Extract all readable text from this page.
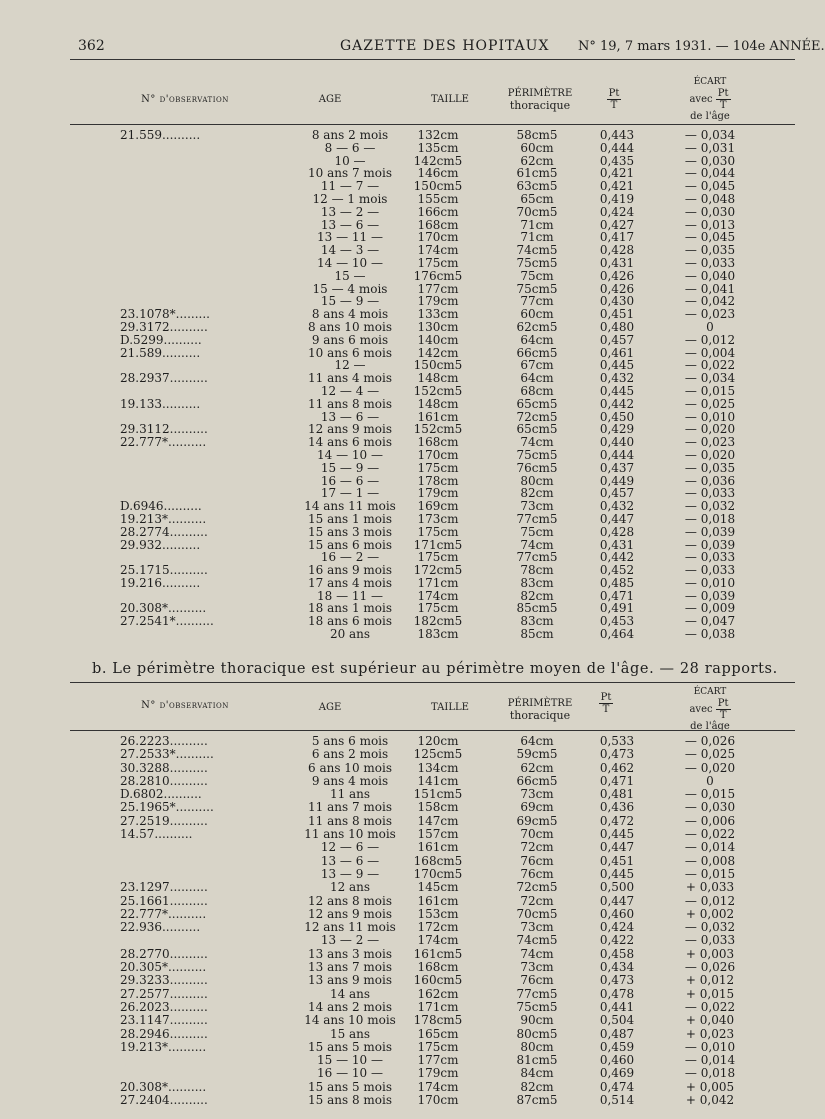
362	GAZETTE DES HOPITAUX N° 19, 7 mars 1931. — 104e ANNÉE.
N° d'observation	AGE	TAILLE
PÉRIMÈTRE
thoracique	$\frac{Pt}{T}$
ÉCART
avec $\frac{Pt}{T}$
de l'âge
21.559..........	8 ans 2 mois	132cm	58cm5	0,443	— 0,034
8 — 6 —	135cm	60cm	0,444	— 0,031
10 —	142cm5	62cm	0,435	— 0,030
10 ans 7 mois	146cm	61cm5	0,421	— 0,044
11 — 7 —	150cm5	63cm5	0,421	— 0,045
12 — 1 mois	155cm	65cm	0,419	— 0,048
13 — 2 —	166cm	70cm5	0,424	— 0,030
13 — 6 —	168cm	71cm	0,427	— 0,013
13 — 11 —	170cm	71cm	0,417	— 0,045
14 — 3 —	174cm	74cm5	0,428	— 0,035
14 — 10 —	175cm	75cm5	0,431	— 0,033
15 —	176cm5	75cm	0,426	— 0,040
15 — 4 mois	177cm	75cm5	0,426	— 0,041
15 — 9 —	179cm	77cm	0,430	— 0,042
23.1078*.........	8 ans 4 mois	133cm	60cm	0,451	— 0,023
29.3172..........	8 ans 10 mois	130cm	62cm5	0,480	0
D.5299..........	9 ans 6 mois	140cm	64cm	0,457	— 0,012
21.589..........	10 ans 6 mois	142cm	66cm5	0,461	— 0,004
12 —	150cm5	67cm	0,445	— 0,022
28.2937..........	11 ans 4 mois	148cm	64cm	0,432	— 0,034
12 — 4 —	152cm5	68cm	0,445	— 0,015
19.133..........	11 ans 8 mois	148cm	65cm5	0,442	— 0,025
13 — 6 —	161cm	72cm5	0,450	— 0,010
29.3112..........	12 ans 9 mois	152cm5	65cm5	0,429	— 0,020
22.777*..........	14 ans 6 mois	168cm	74cm	0,440	— 0,023
14 — 10 —	170cm	75cm5	0,444	— 0,020
15 — 9 —	175cm	76cm5	0,437	— 0,035
16 — 6 —	178cm	80cm	0,449	— 0,036
17 — 1 —	179cm	82cm	0,457	— 0,033
D.6946..........	14 ans 11 mois	169cm	73cm	0,432	— 0,032
19.213*..........	15 ans 1 mois	173cm	77cm5	0,447	— 0,018
28.2774..........	15 ans 3 mois	175cm	75cm	0,428	— 0,039
29.932..........	15 ans 6 mois	171cm5	74cm	0,431	— 0,039
16 — 2 —	175cm	77cm5	0,442	— 0,033
25.1715..........	16 ans 9 mois	172cm5	78cm	0,452	— 0,033
19.216..........	17 ans 4 mois	171cm	83cm	0,485	— 0,010
18 — 11 —	174cm	82cm	0,471	— 0,039
20.308*..........	18 ans 1 mois	175cm	85cm5	0,491	— 0,009
27.2541*..........	18 ans 6 mois	182cm5	83cm	0,453	— 0,047
20 ans	183cm	85cm	0,464	— 0,038
b. Le périmètre thoracique est supérieur au périmètre moyen de l'âge. — 28 rapports.
N° d'observation	AGE	TAILLE	PÉRIMÈTRE
thoracique
$\frac{Pt}{T}$	ÉCART
avec $\frac{Pt}{T}$
de l'âge
26.2223..........	5 ans 6 mois	120cm	64cm	0,533	— 0,026
27.2533*..........	6 ans 2 mois	125cm5	59cm5	0,473	— 0,025
30.3288..........	6 ans 10 mois	134cm	62cm	0,462	— 0,020
28.2810..........	9 ans 4 mois	141cm	66cm5	0,471	0
D.6802..........	11 ans	151cm5	73cm	0,481	— 0,015
25.1965*..........	11 ans 7 mois	158cm	69cm	0,436	— 0,030
27.2519..........	11 ans 8 mois	147cm	69cm5	0,472	— 0,006
14.57..........	11 ans 10 mois	157cm	70cm	0,445	— 0,022
12 — 6 —	161cm	72cm	0,447	— 0,014
13 — 6 —	168cm5	76cm	0,451	— 0,008
13 — 9 —	170cm5	76cm	0,445	— 0,015
23.1297..........	12 ans	145cm	72cm5	0,500	+ 0,033
25.1661..........	12 ans 8 mois	161cm	72cm	0,447	— 0,012
22.777*..........	12 ans 9 mois	153cm	70cm5	0,460	+ 0,002
22.936..........	12 ans 11 mois	172cm	73cm	0,424	— 0,032
13 — 2 —	174cm	74cm5	0,422	— 0,033
28.2770..........	13 ans 3 mois	161cm5	74cm	0,458	+ 0,003
20.305*..........	13 ans 7 mois	168cm	73cm	0,434	— 0,026
29.3233..........	13 ans 9 mois	160cm5	76cm	0,473	+ 0,012
27.2577..........	14 ans	162cm	77cm5	0,478	+ 0,015
26.2023..........	14 ans 2 mois	171cm	75cm5	0,441	— 0,022
23.1147..........	14 ans 10 mois	178cm5	90cm	0,504	+ 0,040
28.2946..........	15 ans	165cm	80cm5	0,487	+ 0,023
19.213*..........	15 ans 5 mois	175cm	80cm	0,459	— 0,010
15 — 10 —	177cm	81cm5	0,460	— 0,014
16 — 10 —	179cm	84cm	0,469	— 0,018
20.308*..........	15 ans 5 mois	174cm	82cm	0,474	+ 0,005
27.2404..........	15 ans 8 mois	170cm	87cm5	0,514	+ 0,042
